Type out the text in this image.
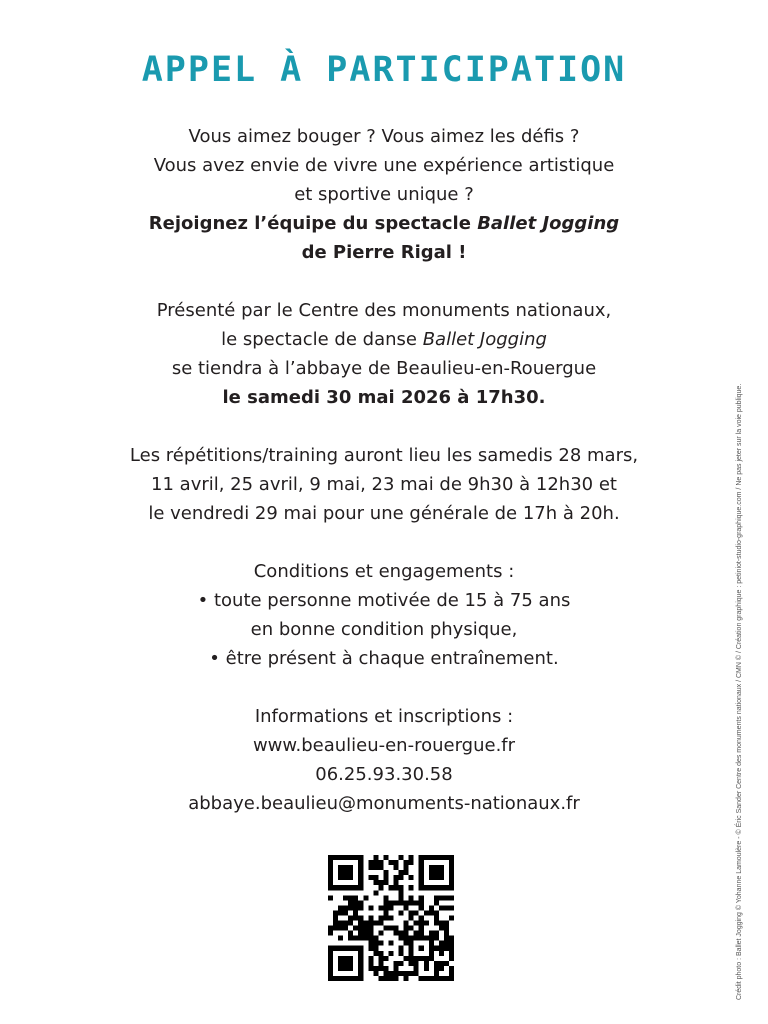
APPEL À PARTICIPATION

Vous aimez bouger ? Vous aimez les défis ?
Vous avez envie de vivre une expérience artistique
et sportive unique ?
Rejoignez l’équipe du spectacle Ballet Jogging
de Pierre Rigal !

Présenté par le Centre des monuments nationaux,
le spectacle de danse Ballet Jogging
se tiendra à l’abbaye de Beaulieu-en-Rouergue
le samedi 30 mai 2026 à 17h30.

Les répétitions/training auront lieu les samedis 28 mars,
11 avril, 25 avril, 9 mai, 23 mai de 9h30 à 12h30 et
le vendredi 29 mai pour une générale de 17h à 20h.

Conditions et engagements :
• toute personne motivée de 15 à 75 ans
en bonne condition physique,
• être présent à chaque entraînement.

Informations et inscriptions :
www.beaulieu-en-rouergue.fr
06.25.93.30.58
abbaye.beaulieu@monuments-nationaux.fr	Crédit photo : Ballet Jogging © Yohanne Lamoulère - © Éric Sander Centre des monuments nationaux / CMN © / Création graphique : petiniot-studio-graphique.com / Ne pas jeter sur la voie publique.
